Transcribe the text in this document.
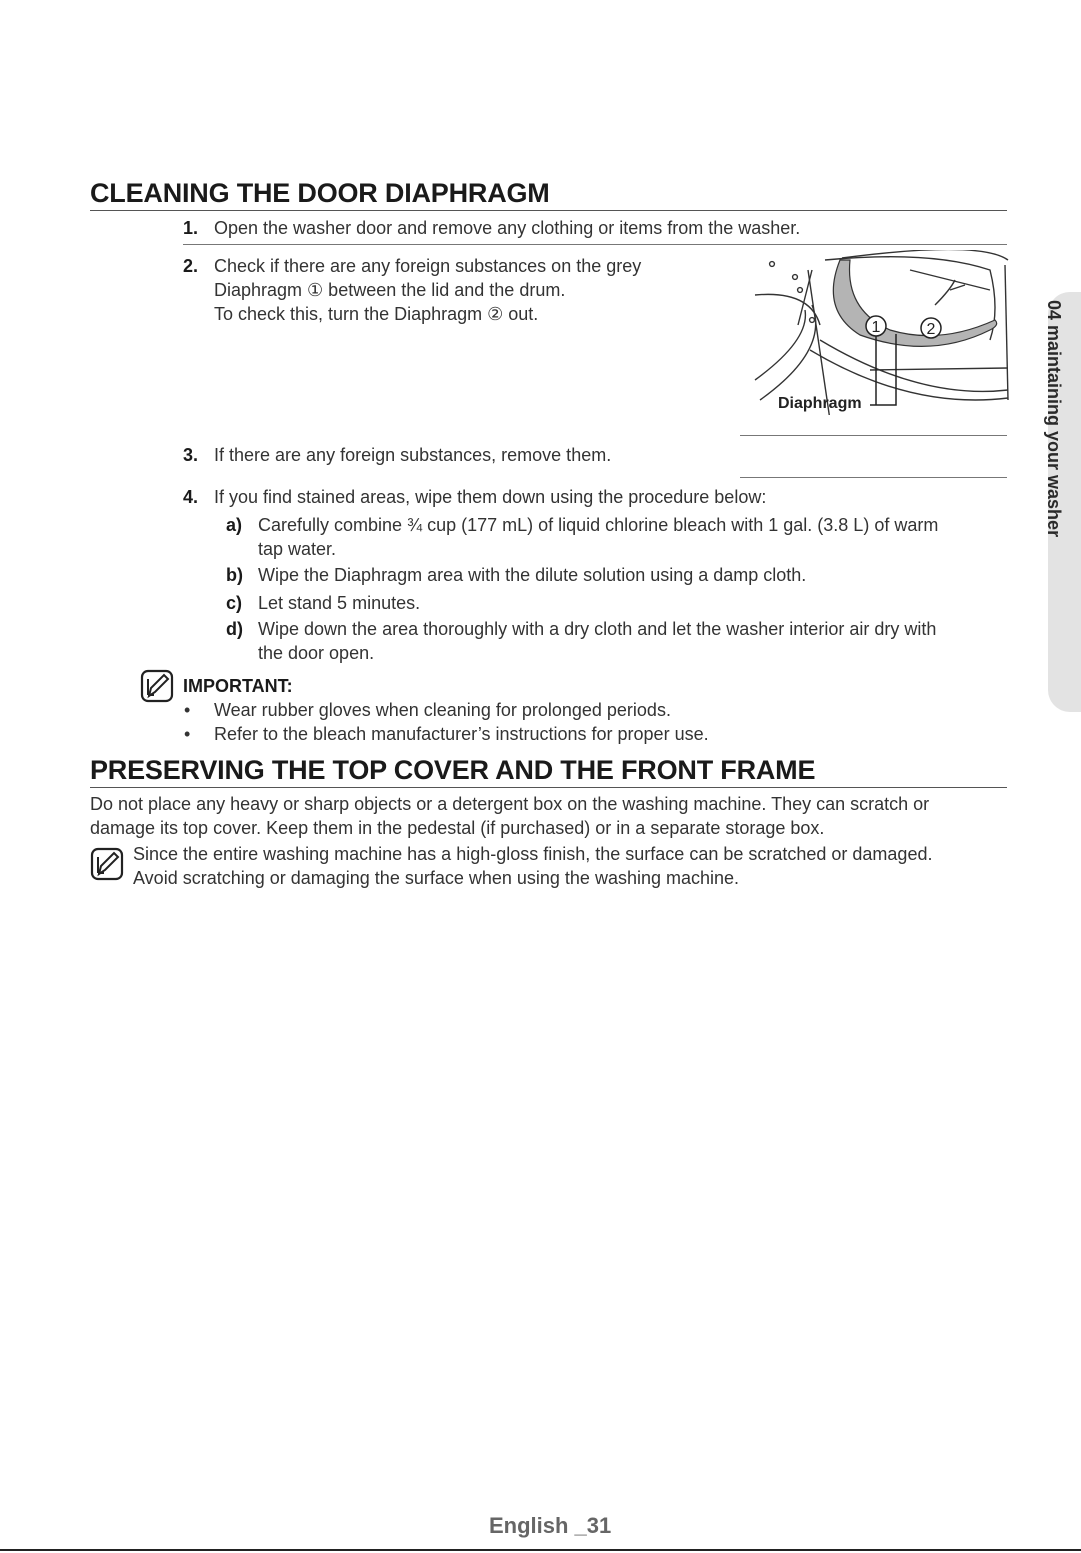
04 maintaining your washer
CLEANING THE DOOR DIAPHRAGM
1. Open the washer door and remove any clothing or items from the washer.
2. Check if there are any foreign substances on the grey
Diaphragm ① between the lid and the drum.
To check this, turn the Diaphragm ② out.
1	2
Diaphragm
3. If there are any foreign substances, remove them.
4. If you find stained areas, wipe them down using the procedure below:
a) Carefully combine ¾ cup (177 mL) of liquid chlorine bleach with 1 gal. (3.8 L) of warm
tap water.
b) Wipe the Diaphragm area with the dilute solution using a damp cloth.
c) Let stand 5 minutes.
d) Wipe down the area thoroughly with a dry cloth and let the washer interior air dry with
the door open.
IMPORTANT:
• Wear rubber gloves when cleaning for prolonged periods.
• Refer to the bleach manufacturer’s instructions for proper use.
PRESERVING THE TOP COVER AND THE FRONT FRAME
Do not place any heavy or sharp objects or a detergent box on the washing machine. They can scratch or
damage its top cover. Keep them in the pedestal (if purchased) or in a separate storage box.
Since the entire washing machine has a high-gloss finish, the surface can be scratched or damaged.
Avoid scratching or damaging the surface when using the washing machine.
English _31
